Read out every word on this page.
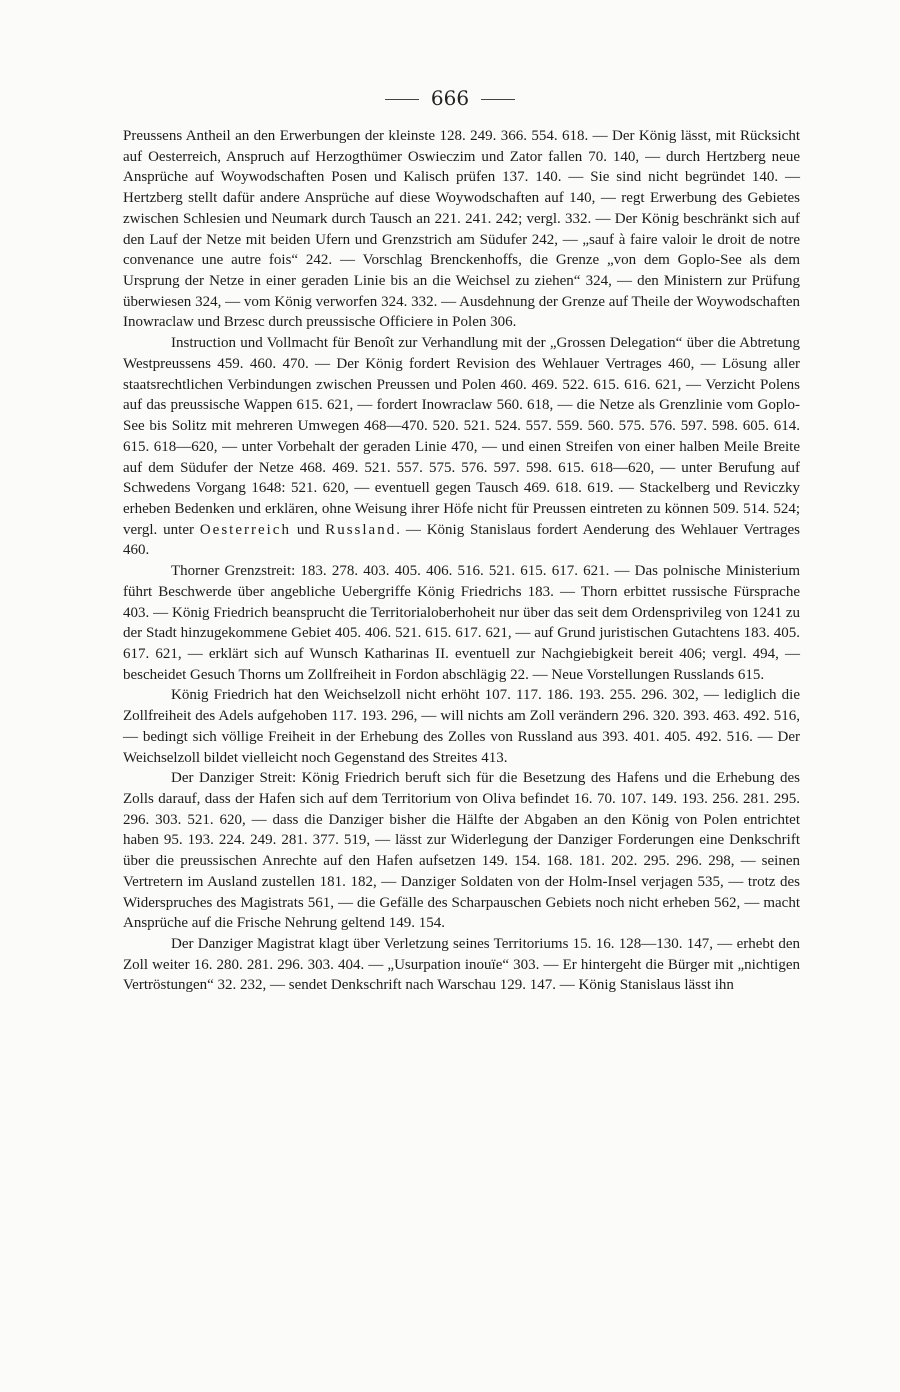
666

Preussens Antheil an den Erwerbungen der kleinste 128. 249. 366. 554. 618. — Der König lässt, mit Rücksicht auf Oesterreich, Anspruch auf Herzogthümer Oswieczim und Zator fallen 70. 140, — durch Hertzberg neue Ansprüche auf Woywodschaften Posen und Kalisch prüfen 137. 140. — Sie sind nicht begründet 140. — Hertzberg stellt dafür andere Ansprüche auf diese Woywodschaften auf 140, — regt Erwerbung des Gebietes zwischen Schlesien und Neumark durch Tausch an 221. 241. 242; vergl. 332. — Der König beschränkt sich auf den Lauf der Netze mit beiden Ufern und Grenzstrich am Südufer 242, — „sauf à faire valoir le droit de notre convenance une autre fois“ 242. — Vorschlag Brenckenhoffs, die Grenze „von dem Goplo-See als dem Ursprung der Netze in einer geraden Linie bis an die Weichsel zu ziehen“ 324, — den Ministern zur Prüfung überwiesen 324, — vom König verworfen 324. 332. — Ausdehnung der Grenze auf Theile der Woywodschaften Inowraclaw und Brzesc durch preussische Officiere in Polen 306.

Instruction und Vollmacht für Benoît zur Verhandlung mit der „Grossen Delegation“ über die Abtretung Westpreussens 459. 460. 470. — Der König fordert Revision des Wehlauer Vertrages 460, — Lösung aller staatsrechtlichen Verbindungen zwischen Preussen und Polen 460. 469. 522. 615. 616. 621, — Verzicht Polens auf das preussische Wappen 615. 621, — fordert Inowraclaw 560. 618, — die Netze als Grenzlinie vom Goplo-See bis Solitz mit mehreren Umwegen 468—470. 520. 521. 524. 557. 559. 560. 575. 576. 597. 598. 605. 614. 615. 618—620, — unter Vorbehalt der geraden Linie 470, — und einen Streifen von einer halben Meile Breite auf dem Südufer der Netze 468. 469. 521. 557. 575. 576. 597. 598. 615. 618—620, — unter Berufung auf Schwedens Vorgang 1648: 521. 620, — eventuell gegen Tausch 469. 618. 619. — Stackelberg und Reviczky erheben Bedenken und erklären, ohne Weisung ihrer Höfe nicht für Preussen eintreten zu können 509. 514. 524; vergl. unter Oesterreich und Russland. — König Stanislaus fordert Aenderung des Wehlauer Vertrages 460.

Thorner Grenzstreit: 183. 278. 403. 405. 406. 516. 521. 615. 617. 621. — Das polnische Ministerium führt Beschwerde über angebliche Uebergriffe König Friedrichs 183. — Thorn erbittet russische Fürsprache 403. — König Friedrich beansprucht die Territorialoberhoheit nur über das seit dem Ordensprivileg von 1241 zu der Stadt hinzugekommene Gebiet 405. 406. 521. 615. 617. 621, — auf Grund juristischen Gutachtens 183. 405. 617. 621, — erklärt sich auf Wunsch Katharinas II. eventuell zur Nachgiebigkeit bereit 406; vergl. 494, — bescheidet Gesuch Thorns um Zollfreiheit in Fordon abschlägig 22. — Neue Vorstellungen Russlands 615.

König Friedrich hat den Weichselzoll nicht erhöht 107. 117. 186. 193. 255. 296. 302, — lediglich die Zollfreiheit des Adels aufgehoben 117. 193. 296, — will nichts am Zoll verändern 296. 320. 393. 463. 492. 516, — bedingt sich völlige Freiheit in der Erhebung des Zolles von Russland aus 393. 401. 405. 492. 516. — Der Weichselzoll bildet vielleicht noch Gegenstand des Streites 413.

Der Danziger Streit: König Friedrich beruft sich für die Besetzung des Hafens und die Erhebung des Zolls darauf, dass der Hafen sich auf dem Territorium von Oliva befindet 16. 70. 107. 149. 193. 256. 281. 295. 296. 303. 521. 620, — dass die Danziger bisher die Hälfte der Abgaben an den König von Polen entrichtet haben 95. 193. 224. 249. 281. 377. 519, — lässt zur Widerlegung der Danziger Forderungen eine Denkschrift über die preussischen Anrechte auf den Hafen aufsetzen 149. 154. 168. 181. 202. 295. 296. 298, — seinen Vertretern im Ausland zustellen 181. 182, — Danziger Soldaten von der Holm-Insel verjagen 535, — trotz des Widerspruches des Magistrats 561, — die Gefälle des Scharpauschen Gebiets noch nicht erheben 562, — macht Ansprüche auf die Frische Nehrung geltend 149. 154.

Der Danziger Magistrat klagt über Verletzung seines Territoriums 15. 16. 128—130. 147, — erhebt den Zoll weiter 16. 280. 281. 296. 303. 404. — „Usurpation inouïe“ 303. — Er hintergeht die Bürger mit „nichtigen Vertröstungen“ 32. 232, — sendet Denkschrift nach Warschau 129. 147. — König Stanislaus lässt ihn
